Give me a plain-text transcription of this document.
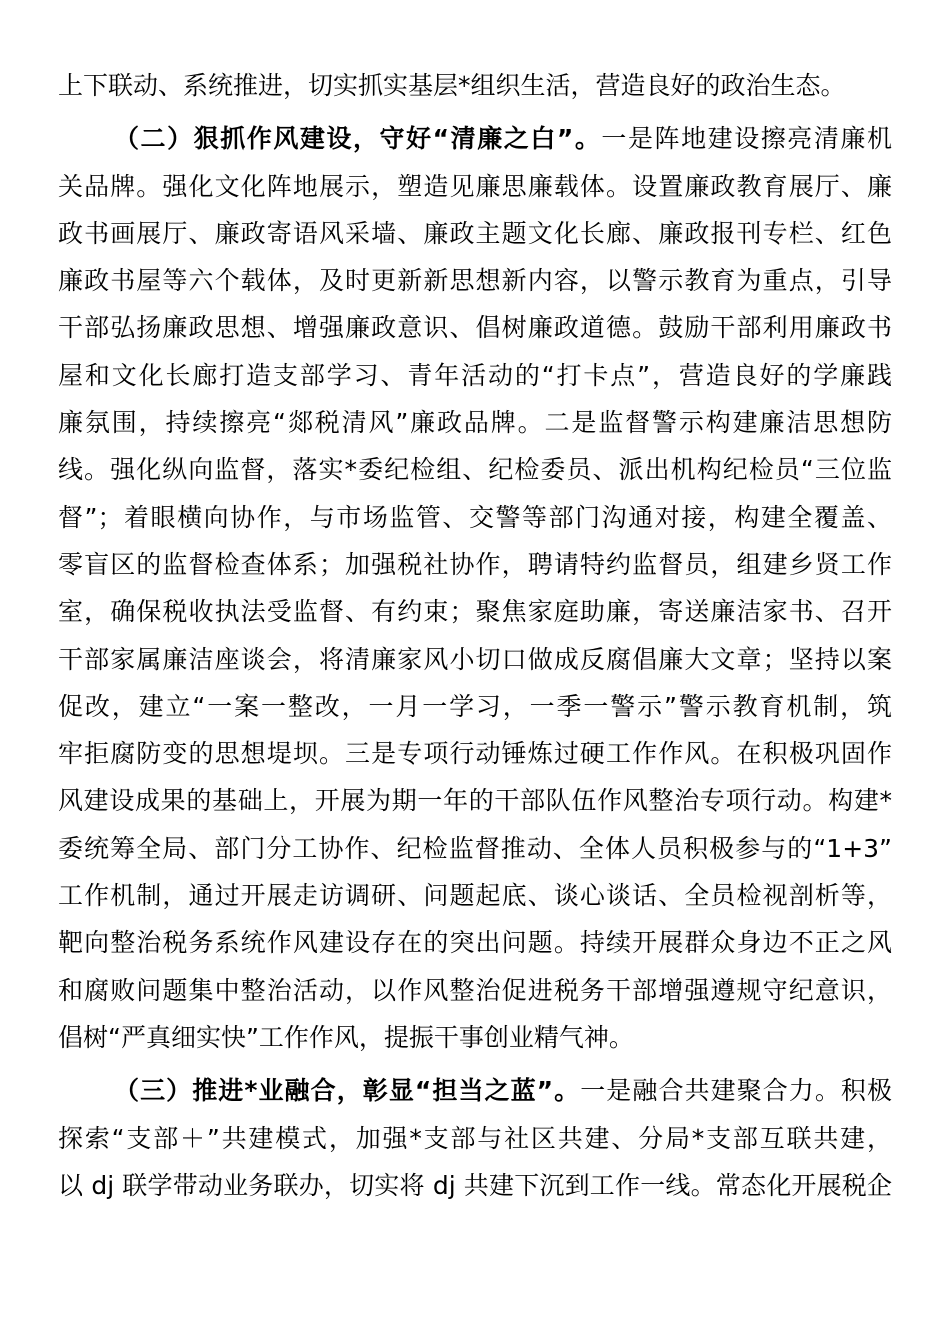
上下联动、系统推进，切实抓实基层*组织生活，营造良好的政治生态。
（二）狠抓作风建设，守好“清廉之白”。一是阵地建设擦亮清廉机
关品牌。强化文化阵地展示，塑造见廉思廉载体。设置廉政教育展厅、廉
政书画展厅、廉政寄语风采墙、廉政主题文化长廊、廉政报刊专栏、红色
廉政书屋等六个载体，及时更新新思想新内容，以警示教育为重点，引导
干部弘扬廉政思想、增强廉政意识、倡树廉政道德。鼓励干部利用廉政书
屋和文化长廊打造支部学习、青年活动的“打卡点”，营造良好的学廉践
廉氛围，持续擦亮“郯税清风”廉政品牌。二是监督警示构建廉洁思想防
线。强化纵向监督，落实*委纪检组、纪检委员、派出机构纪检员“三位监
督”；着眼横向协作，与市场监管、交警等部门沟通对接，构建全覆盖、
零盲区的监督检查体系；加强税社协作，聘请特约监督员，组建乡贤工作
室，确保税收执法受监督、有约束；聚焦家庭助廉，寄送廉洁家书、召开
干部家属廉洁座谈会，将清廉家风小切口做成反腐倡廉大文章；坚持以案
促改，建立“一案一整改，一月一学习，一季一警示”警示教育机制，筑
牢拒腐防变的思想堤坝。三是专项行动锤炼过硬工作作风。在积极巩固作
风建设成果的基础上，开展为期一年的干部队伍作风整治专项行动。构建*
委统筹全局、部门分工协作、纪检监督推动、全体人员积极参与的“1+3”
工作机制，通过开展走访调研、问题起底、谈心谈话、全员检视剖析等，
靶向整治税务系统作风建设存在的突出问题。持续开展群众身边不正之风
和腐败问题集中整治活动，以作风整治促进税务干部增强遵规守纪意识，
倡树“严真细实快”工作作风，提振干事创业精气神。
（三）推进*业融合，彰显“担当之蓝”。一是融合共建聚合力。积极
探索“支部＋”共建模式，加强*支部与社区共建、分局*支部互联共建，
以 dj 联学带动业务联办，切实将 dj 共建下沉到工作一线。常态化开展税企
